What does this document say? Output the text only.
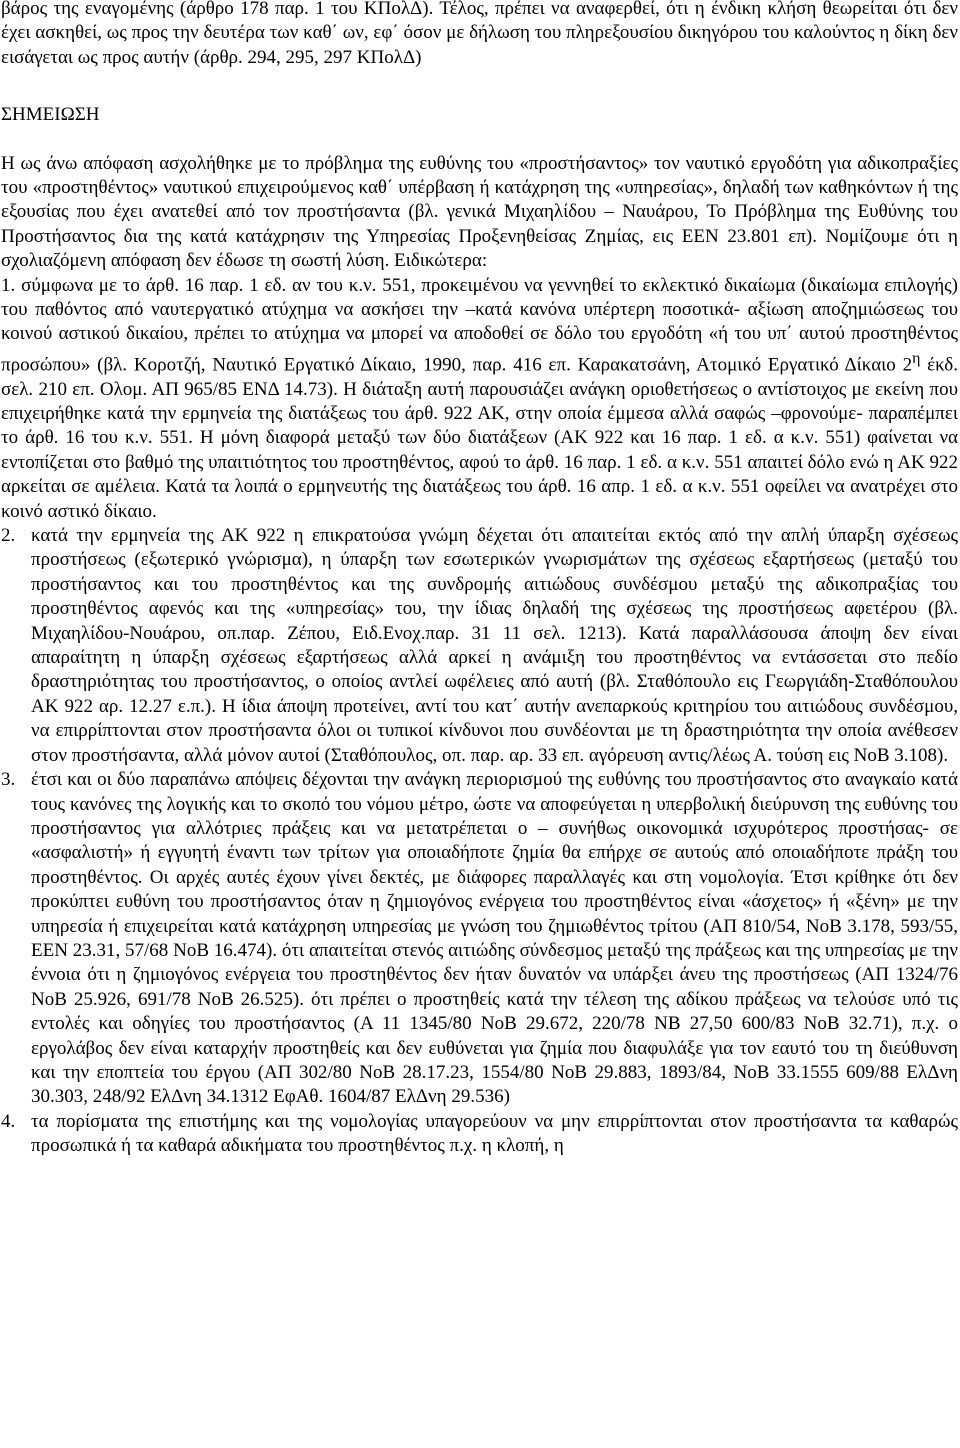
βάρος της εναγομένης (άρθρο 178 παρ. 1 του ΚΠολΔ). Τέλος, πρέπει να αναφερθεί, ότι η ένδικη κλήση θεωρείται ότι δεν έχει ασκηθεί, ως προς την δευτέρα των καθ΄ ων, εφ΄ όσον με δήλωση του πληρεξουσίου δικηγόρου του καλούντος η δίκη δεν εισάγεται ως προς αυτήν (άρθρ. 294, 295, 297 ΚΠολΔ)

ΣΗΜΕΙΩΣΗ

Η ως άνω απόφαση ασχολήθηκε με το πρόβλημα της ευθύνης του «προστήσαντος» τον ναυτικό εργοδότη για αδικοπραξίες του «προστηθέντος» ναυτικού επιχειρούμενος καθ΄ υπέρβαση ή κατάχρηση της «υπηρεσίας», δηλαδή των καθηκόντων ή της εξουσίας που έχει ανατεθεί από τον προστήσαντα (βλ. γενικά Μιχαηλίδου – Ναυάρου, Το Πρόβλημα της Ευθύνης του Προστήσαντος δια της κατά κατάχρησιν της Υπηρεσίας Προξενηθείσας Ζημίας, εις ΕΕΝ 23.801 επ). Νομίζουμε ότι η σχολιαζόμενη απόφαση δεν έδωσε τη σωστή λύση. Ειδικώτερα:

1. σύμφωνα με το άρθ. 16 παρ. 1 εδ. αν του κ.ν. 551, προκειμένου να γεννηθεί το εκλεκτικό δικαίωμα (δικαίωμα επιλογής) του παθόντος από ναυτεργατικό ατύχημα να ασκήσει την –κατά κανόνα υπέρτερη ποσοτικά- αξίωση αποζημιώσεως του κοινού αστικού δικαίου, πρέπει το ατύχημα να μπορεί να αποδοθεί σε δόλο του εργοδότη «ή του υπ΄ αυτού προστηθέντος προσώπου» (βλ. Κοροτζή, Ναυτικό Εργατικό Δίκαιο, 1990, παρ. 416 επ. Καρακατσάνη, Ατομικό Εργατικό Δίκαιο $2^\eta$ έκδ. σελ. 210 επ. Ολομ. ΑΠ 965/85 ΕΝΔ 14.73). Η διάταξη αυτή παρουσιάζει ανάγκη οριοθετήσεως ο αντίστοιχος με εκείνη που επιχειρήθηκε κατά την ερμηνεία της διατάξεως του άρθ. 922 ΑΚ, στην οποία έμμεσα αλλά σαφώς –φρονούμε- παραπέμπει το άρθ. 16 του κ.ν. 551. Η μόνη διαφορά μεταξύ των δύο διατάξεων (ΑΚ 922 και 16 παρ. 1 εδ. α κ.ν. 551) φαίνεται να εντοπίζεται στο βαθμό της υπαιτιότητος του προστηθέντος, αφού το άρθ. 16 παρ. 1 εδ. α κ.ν. 551 απαιτεί δόλο ενώ η ΑΚ 922 αρκείται σε αμέλεια. Κατά τα λοιπά ο ερμηνευτής της διατάξεως του άρθ. 16 απρ. 1 εδ. α κ.ν. 551 οφείλει να ανατρέχει στο κοινό αστικό δίκαιο.
2. κατά την ερμηνεία της ΑΚ 922 η επικρατούσα γνώμη δέχεται ότι απαιτείται εκτός από την απλή ύπαρξη σχέσεως προστήσεως (εξωτερικό γνώρισμα), η ύπαρξη των εσωτερικών γνωρισμάτων της σχέσεως εξαρτήσεως (μεταξύ του προστήσαντος και του προστηθέντος και της συνδρομής αιτιώδους συνδέσμου μεταξύ της αδικοπραξίας του προστηθέντος αφενός και της «υπηρεσίας» του, την ίδιας δηλαδή της σχέσεως της προστήσεως αφετέρου (βλ. Μιχαηλίδου-Νουάρου, οπ.παρ. Ζέπου, Ειδ.Ενοχ.παρ. 31 11 σελ. 1213). Κατά παραλλάσουσα άποψη δεν είναι απαραίτητη η ύπαρξη σχέσεως εξαρτήσεως αλλά αρκεί η ανάμιξη του προστηθέντος να εντάσσεται στο πεδίο δραστηριότητας του προστήσαντος, ο οποίος αντλεί ωφέλειες από αυτή (βλ. Σταθόπουλο εις Γεωργιάδη-Σταθόπουλου ΑΚ 922 αρ. 12.27 ε.π.). Η ίδια άποψη προτείνει, αντί του κατ΄ αυτήν ανεπαρκούς κριτηρίου του αιτιώδους συνδέσμου, να επιρρίπτονται στον προστήσαντα όλοι οι τυπικοί κίνδυνοι που συνδέονται με τη δραστηριότητα την οποία ανέθεσεν στον προστήσαντα, αλλά μόνον αυτοί (Σταθόπουλος, οπ. παρ. αρ. 33 επ. αγόρευση αντις/λέως Α. τούση εις ΝοΒ 3.108).
3. έτσι και οι δύο παραπάνω απόψεις δέχονται την ανάγκη περιορισμού της ευθύνης του προστήσαντος στο αναγκαίο κατά τους κανόνες της λογικής και το σκοπό του νόμου μέτρο, ώστε να αποφεύγεται η υπερβολική διεύρυνση της ευθύνης του προστήσαντος για αλλότριες πράξεις και να μετατρέπεται ο – συνήθως οικονομικά ισχυρότερος προστήσας- σε «ασφαλιστή» ή εγγυητή έναντι των τρίτων για οποιαδήποτε ζημία θα επήρχε σε αυτούς από οποιαδήποτε πράξη του προστηθέντος. Οι αρχές αυτές έχουν γίνει δεκτές, με διάφορες παραλλαγές και στη νομολογία. Έτσι κρίθηκε ότι δεν προκύπτει ευθύνη του προστήσαντος όταν η ζημιογόνος ενέργεια του προστηθέντος είναι «άσχετος» ή «ξένη» με την υπηρεσία ή επιχειρείται κατά κατάχρηση υπηρεσίας με γνώση του ζημιωθέντος τρίτου (ΑΠ 810/54, ΝοΒ 3.178, 593/55, ΕΕΝ 23.31, 57/68 ΝοΒ 16.474). ότι απαιτείται στενός αιτιώδης σύνδεσμος μεταξύ της πράξεως και της υπηρεσίας με την έννοια ότι η ζημιογόνος ενέργεια του προστηθέντος δεν ήταν δυνατόν να υπάρξει άνευ της προστήσεως (ΑΠ 1324/76 ΝοΒ 25.926, 691/78 ΝοΒ 26.525). ότι πρέπει ο προστηθείς κατά την τέλεση της αδίκου πράξεως να τελούσε υπό τις εντολές και οδηγίες του προστήσαντος (Α 11 1345/80 ΝοΒ 29.672, 220/78 ΝΒ 27,50 600/83 ΝοΒ 32.71), π.χ. ο εργολάβος δεν είναι καταρχήν προστηθείς και δεν ευθύνεται για ζημία που διαφυλάξε για τον εαυτό του τη διεύθυνση και την εποπτεία του έργου (ΑΠ 302/80 ΝοΒ 28.17.23, 1554/80 ΝοΒ 29.883, 1893/84, ΝοΒ 33.1555 609/88 ΕλΔνη 30.303, 248/92 ΕλΔνη 34.1312 ΕφΑθ. 1604/87 ΕλΔνη 29.536)
4. τα πορίσματα της επιστήμης και της νομολογίας υπαγορεύουν να μην επιρρίπτονται στον προστήσαντα τα καθαρώς προσωπικά ή τα καθαρά αδικήματα του προστηθέντος π.χ. η κλοπή, η
